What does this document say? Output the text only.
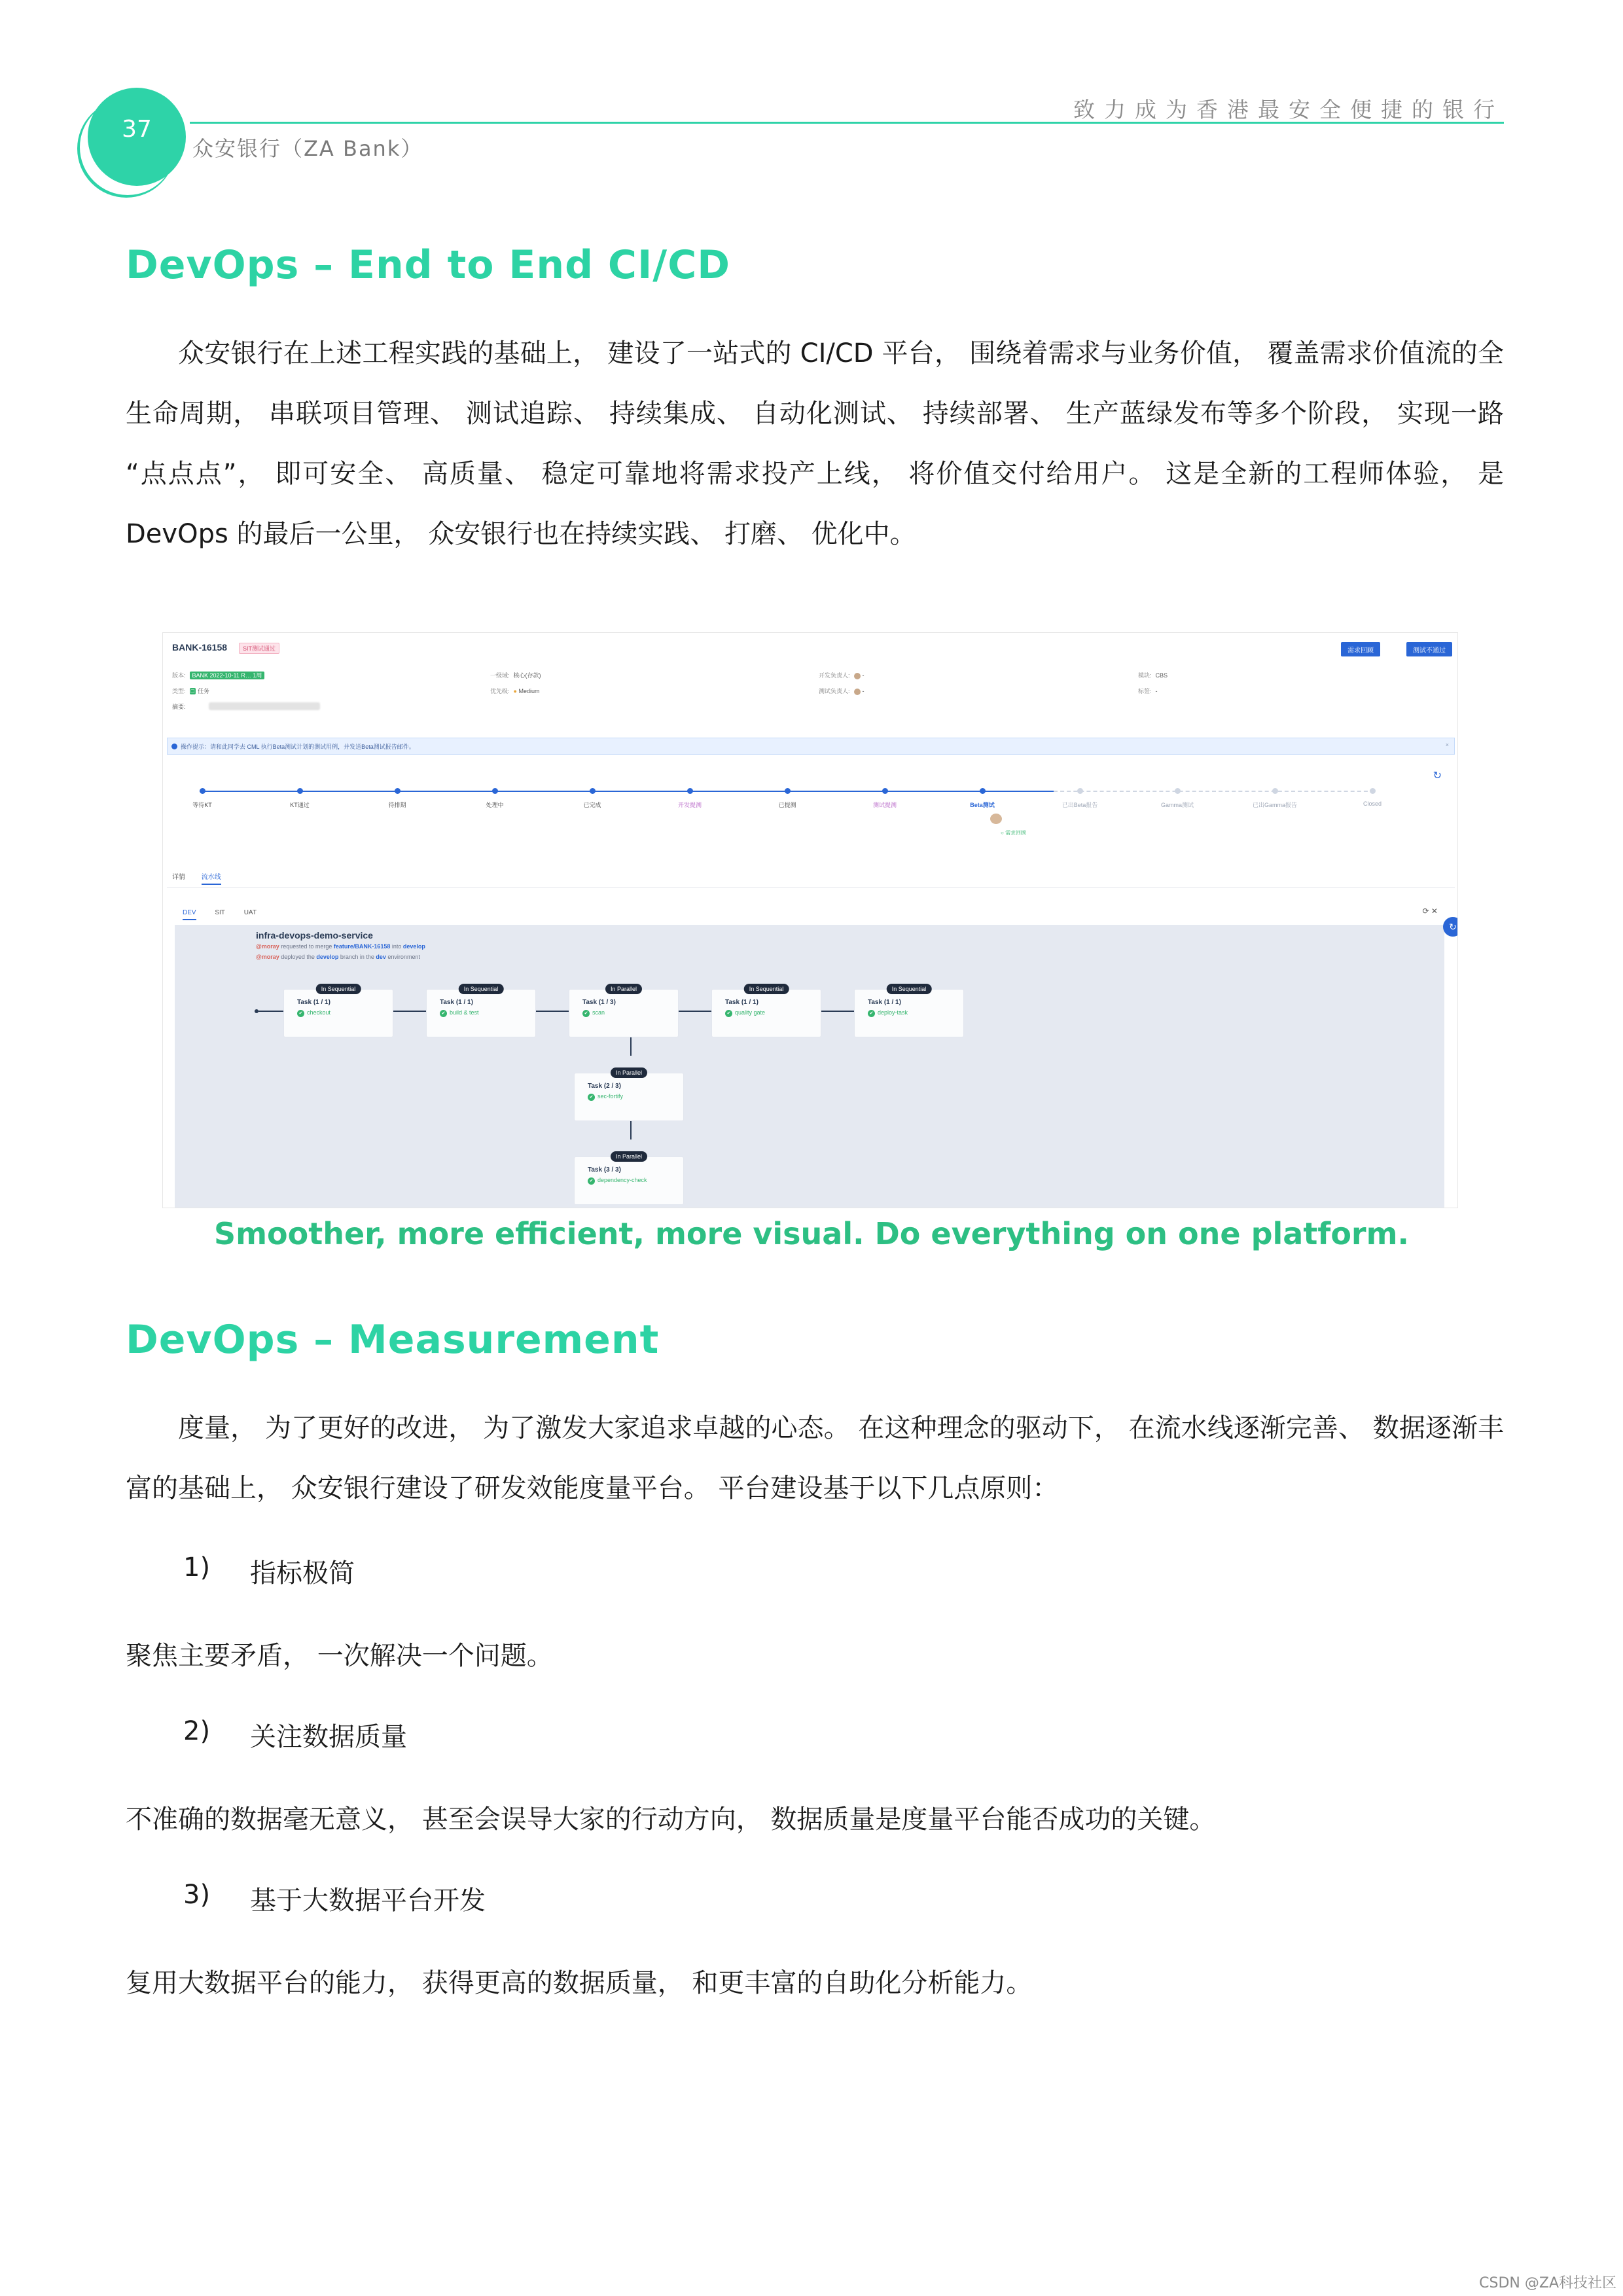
37
致力成为香港最安全便捷的银行
众安银行（ZA Bank）
DevOps – End to End CI/CD
众安银行在上述工程实践的基础上， 建设了一站式的 CI/CD 平台， 围绕着需求与业务价值， 覆盖需求价值流的全生命周期， 串联项目管理、 测试追踪、 持续集成、 自动化测试、 持续部署、 生产蓝绿发布等多个阶段， 实现一路 “点点点”， 即可安全、 高质量、 稳定可靠地将需求投产上线， 将价值交付给用户。 这是全新的工程师体验， 是 DevOps 的最后一公里， 众安银行也在持续实践、 打磨、 优化中。
BANK-16158	SIT测试通过	需求回顾	测试不通过
版本: BANK 2022-10-11 R… 1周
类型: □ 任务
摘要:
一级域: 核心(存款)
优先级: ● Medium
开发负责人: -
测试负责人: -
模块: CBS
标签: -
操作提示：请和此同学去 CML 执行Beta测试计划的测试用例，并发送Beta测试报告邮件。	×
↻
等待KT	KT通过	待排期	处理中	已完成	开发提测	已提测	测试提测	Beta测试	已出Beta报告	Gamma测试	已出Gamma报告	Closed
○ 需求回顾
详情 流水线
DEV	SIT	UAT	⟳ ✕
↻
infra-devops-demo-service
@moray requested to merge feature/BANK-16158 into develop
@moray deployed the develop branch in the dev environment
In Sequential
Task (1 / 1)
✔ checkout
In Sequential
Task (1 / 1)
✔ build & test
In Parallel
Task (1 / 3)
✔ scan
In Sequential
Task (1 / 1)
✔ quality gate
In Sequential
Task (1 / 1)
✔ deploy-task
In Parallel
Task (2 / 3)
✔ sec-fortify
In Parallel
Task (3 / 3)
✔ dependency-check
Smoother, more efficient, more visual. Do everything on one platform.
DevOps – Measurement
度量， 为了更好的改进， 为了激发大家追求卓越的心态。 在这种理念的驱动下， 在流水线逐渐完善、 数据逐渐丰富的基础上， 众安银行建设了研发效能度量平台。 平台建设基于以下几点原则：
1) 指标极简
聚焦主要矛盾， 一次解决一个问题。
2) 关注数据质量
不准确的数据毫无意义， 甚至会误导大家的行动方向， 数据质量是度量平台能否成功的关键。
3) 基于大数据平台开发
复用大数据平台的能力， 获得更高的数据质量， 和更丰富的自助化分析能力。
CSDN @ZA科技社区
